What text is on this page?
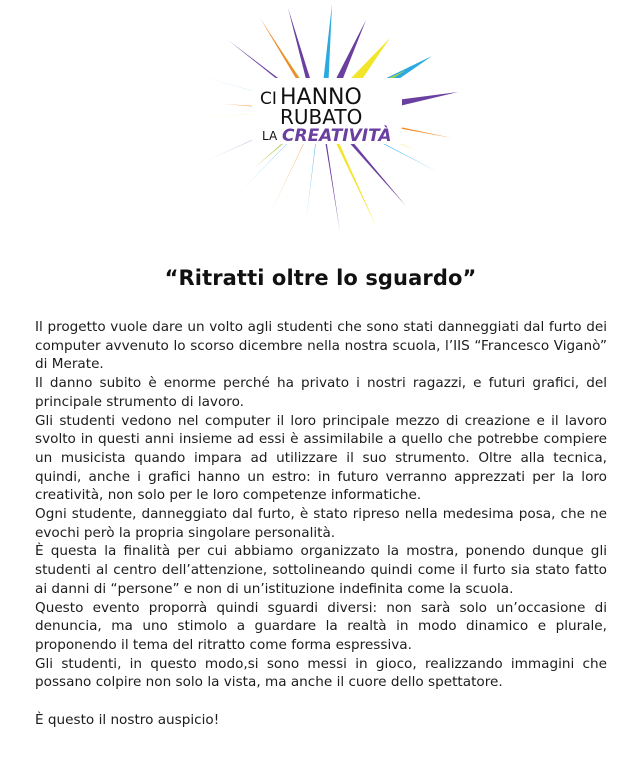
CI HANNO
RUBATO
LA CREATIVITÀ
“Ritratti oltre lo sguardo”

Il progetto vuole dare un volto agli studenti che sono stati danneggiati dal furto dei computer avvenuto lo scorso dicembre nella nostra scuola, l’IIS “Francesco Viganò” di Merate.

Il danno subito è enorme perché ha privato i nostri ragazzi, e futuri grafici, del principale strumento di lavoro.

Gli studenti vedono nel computer il loro principale mezzo di creazione e il lavoro svolto in questi anni insieme ad essi è assimilabile a quello che potrebbe compiere un musicista quando impara ad utilizzare il suo strumento. Oltre alla tecnica, quindi, anche i grafici hanno un estro: in futuro verranno apprezzati per la loro creatività, non solo per le loro competenze informatiche.

Ogni studente, danneggiato dal furto, è stato ripreso nella medesima posa, che ne evochi però la propria singolare personalità.

È questa la finalità per cui abbiamo organizzato la mostra, ponendo dunque gli studenti al centro dell’attenzione, sottolineando quindi come il furto sia stato fatto ai danni di “persone” e non di un’istituzione indefinita come la scuola.

Questo evento proporrà quindi sguardi diversi: non sarà solo un’occasione di denuncia, ma uno stimolo a guardare la realtà in modo dinamico e plurale, proponendo il tema del ritratto come forma espressiva.

Gli studenti, in questo modo,si sono messi in gioco, realizzando immagini che possano colpire non solo la vista, ma anche il cuore dello spettatore.

È questo il nostro auspicio!
